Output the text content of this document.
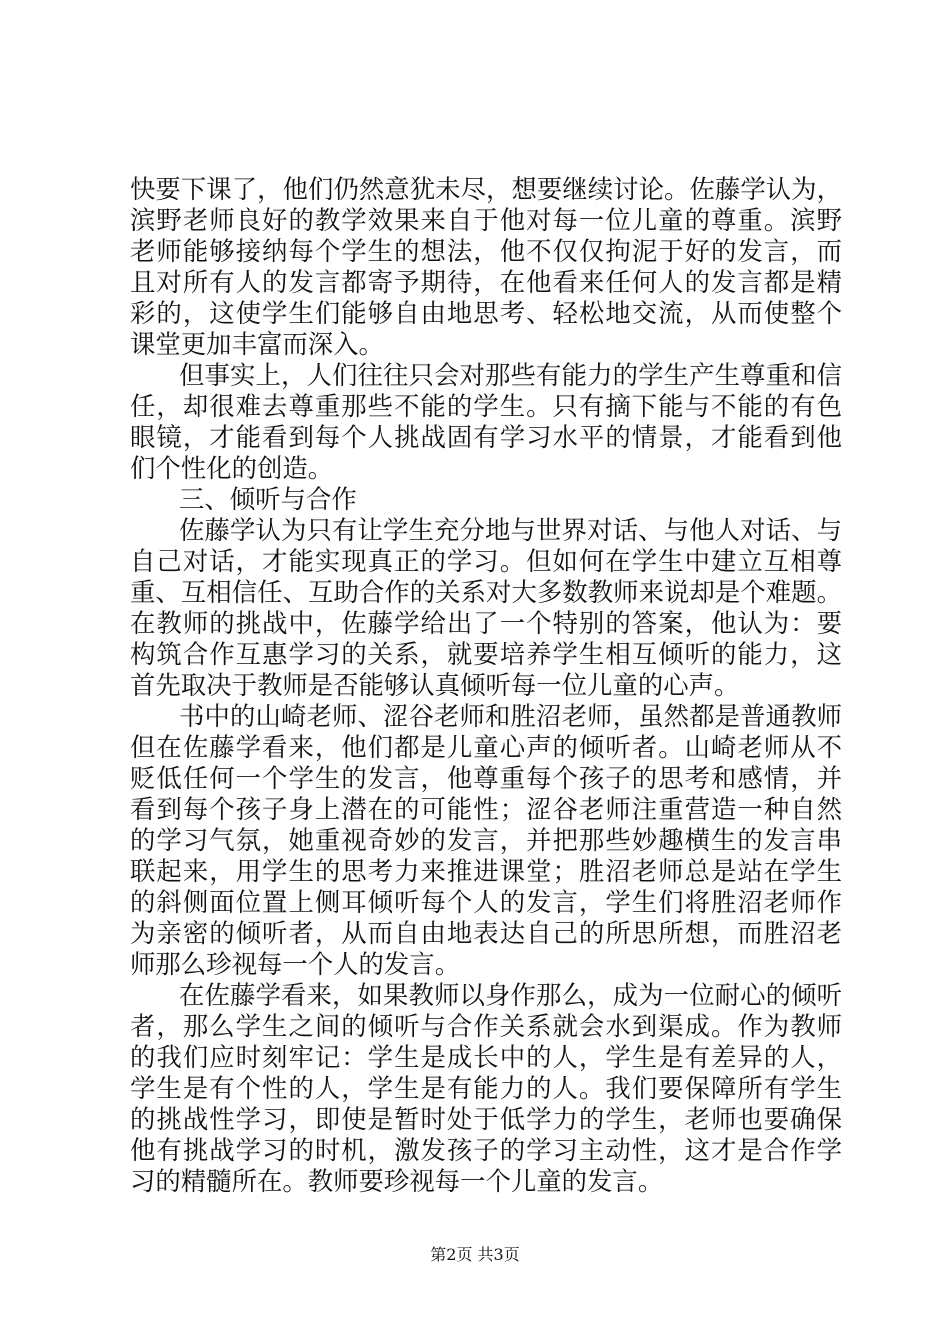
快要下课了，他们仍然意犹未尽，想要继续讨论。佐藤学认为，
滨野老师良好的教学效果来自于他对每一位儿童的尊重。滨野
老师能够接纳每个学生的想法，他不仅仅拘泥于好的发言，而
且对所有人的发言都寄予期待，在他看来任何人的发言都是精
彩的，这使学生们能够自由地思考、轻松地交流，从而使整个
课堂更加丰富而深入。
但事实上，人们往往只会对那些有能力的学生产生尊重和信
任，却很难去尊重那些不能的学生。只有摘下能与不能的有色
眼镜，才能看到每个人挑战固有学习水平的情景，才能看到他
们个性化的创造。
三、倾听与合作
佐藤学认为只有让学生充分地与世界对话、与他人对话、与
自己对话，才能实现真正的学习。但如何在学生中建立互相尊
重、互相信任、互助合作的关系对大多数教师来说却是个难题。
在教师的挑战中，佐藤学给出了一个特别的答案，他认为：要
构筑合作互惠学习的关系，就要培养学生相互倾听的能力，这
首先取决于教师是否能够认真倾听每一位儿童的心声。
书中的山崎老师、涩谷老师和胜沼老师，虽然都是普通教师
但在佐藤学看来，他们都是儿童心声的倾听者。山崎老师从不
贬低任何一个学生的发言，他尊重每个孩子的思考和感情，并
看到每个孩子身上潜在的可能性；涩谷老师注重营造一种自然
的学习气氛，她重视奇妙的发言，并把那些妙趣横生的发言串
联起来，用学生的思考力来推进课堂；胜沼老师总是站在学生
的斜侧面位置上侧耳倾听每个人的发言，学生们将胜沼老师作
为亲密的倾听者，从而自由地表达自己的所思所想，而胜沼老
师那么珍视每一个人的发言。
在佐藤学看来，如果教师以身作那么，成为一位耐心的倾听
者，那么学生之间的倾听与合作关系就会水到渠成。作为教师
的我们应时刻牢记：学生是成长中的人，学生是有差异的人，
学生是有个性的人，学生是有能力的人。我们要保障所有学生
的挑战性学习，即使是暂时处于低学力的学生，老师也要确保
他有挑战学习的时机，激发孩子的学习主动性，这才是合作学
习的精髓所在。教师要珍视每一个儿童的发言。
第2页 共3页
